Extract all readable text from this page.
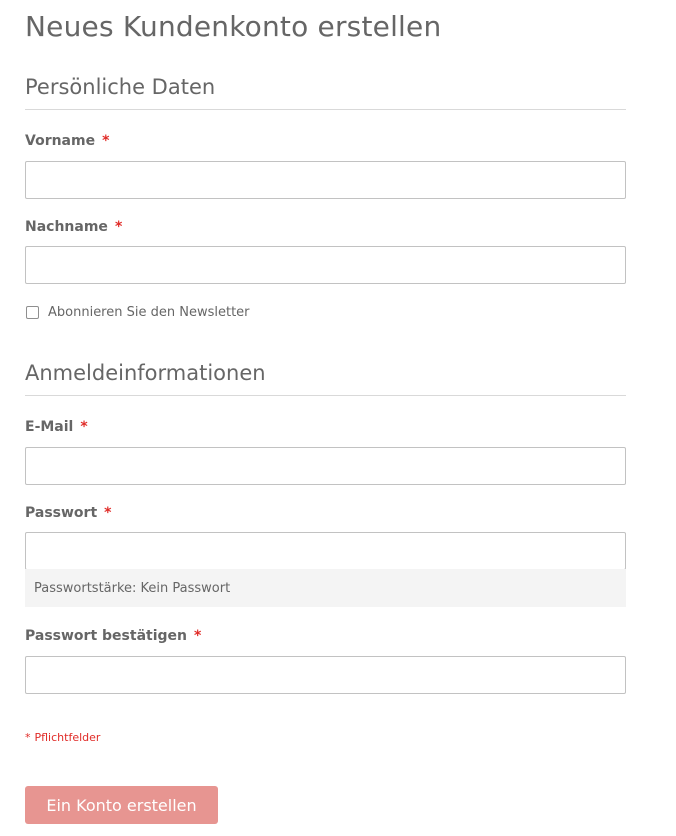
Neues Kundenkonto erstellen
Persönliche Daten
Vorname *
Nachname *
Abonnieren Sie den Newsletter
Anmeldeinformationen
E-Mail *
Passwort *
Passwortstärke: Kein Passwort
Passwort bestätigen *
* Pflichtfelder
Ein Konto erstellen
